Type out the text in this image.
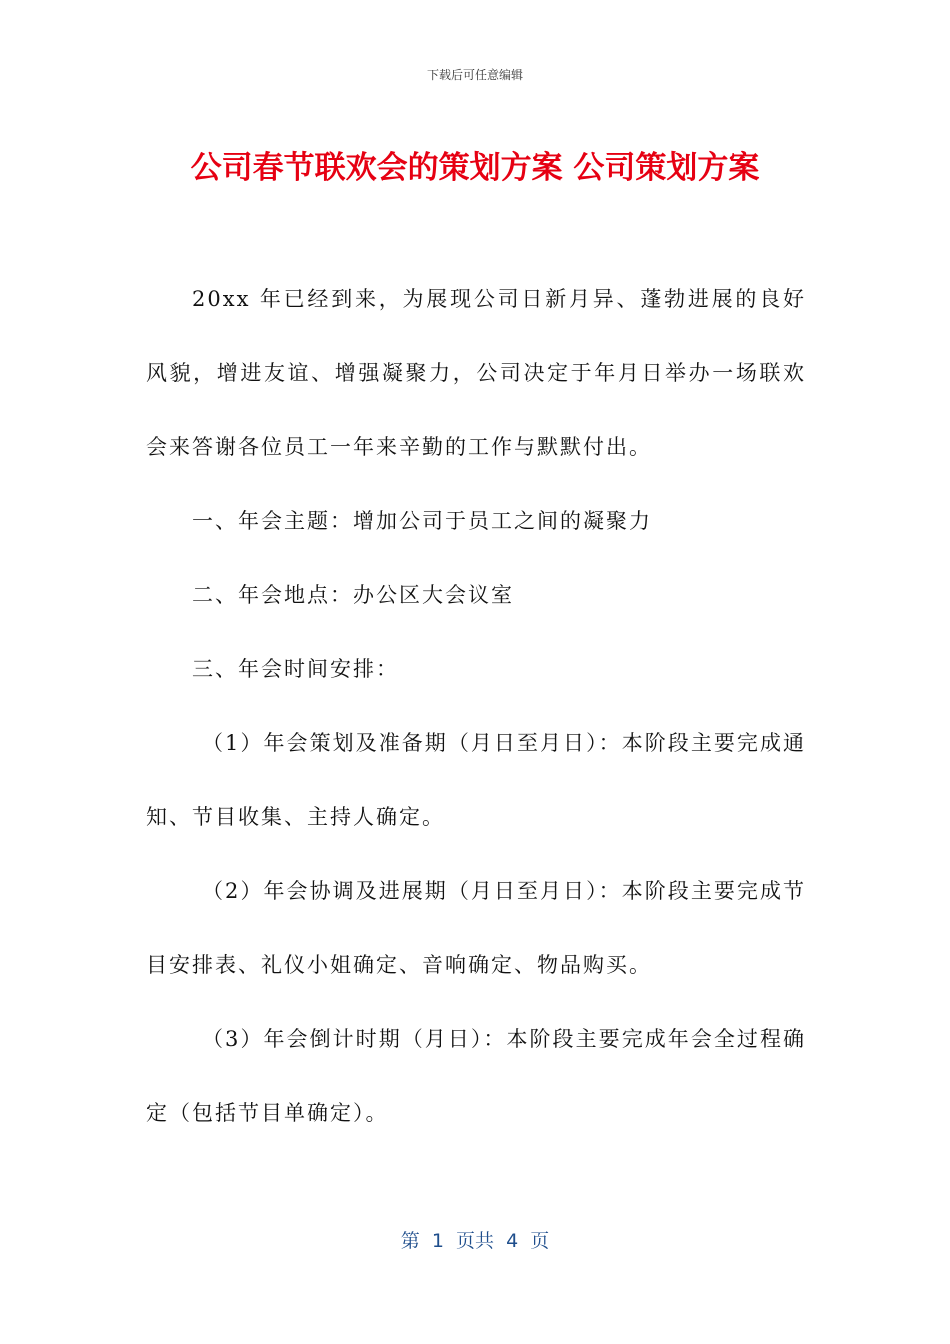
下载后可任意编辑
公司春节联欢会的策划方案 公司策划方案

20xx 年已经到来，为展现公司日新月异、蓬勃进展的良好风貌，增进友谊、增强凝聚力，公司决定于年月日举办一场联欢会来答谢各位员工一年来辛勤的工作与默默付出。

一、年会主题：增加公司于员工之间的凝聚力

二、年会地点：办公区大会议室

三、年会时间安排：

（1）年会策划及准备期（月日至月日）：本阶段主要完成通知、节目收集、主持人确定。

（2）年会协调及进展期（月日至月日）：本阶段主要完成节目安排表、礼仪小姐确定、音响确定、物品购买。

（3）年会倒计时期（月日）：本阶段主要完成年会全过程确定（包括节目单确定）。

第  1  页共  4  页
